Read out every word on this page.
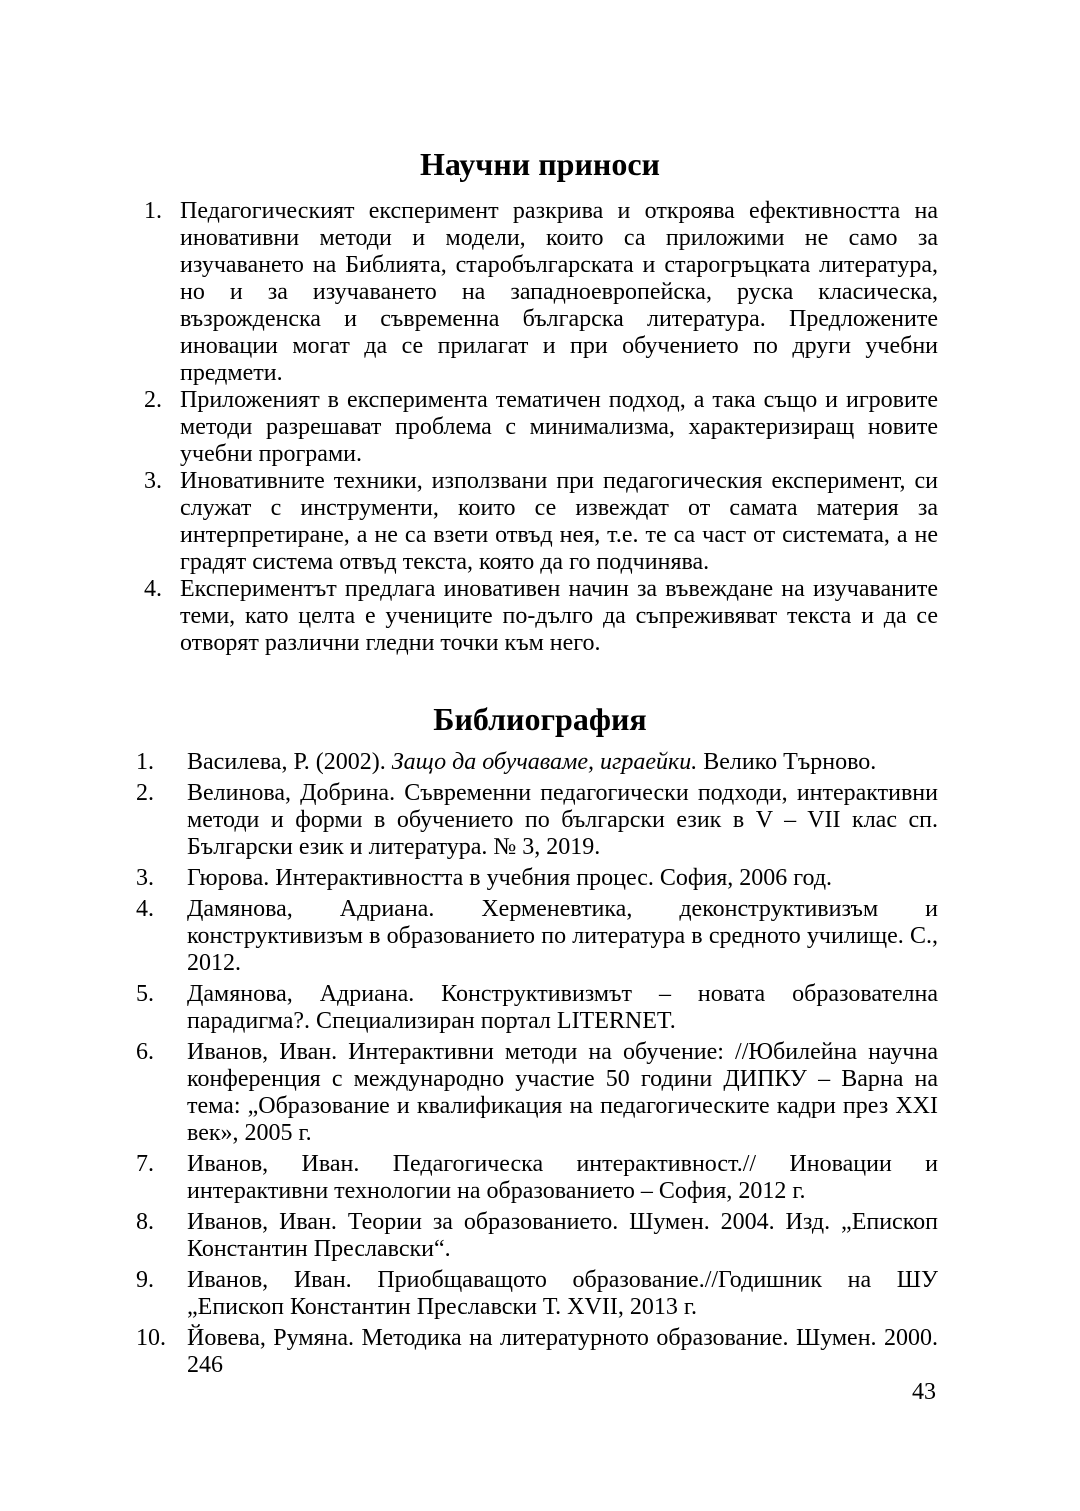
Научни приноси
1. Педагогическият експеримент разкрива и откроява ефективността на иновативни методи и модели, които са приложими не само за изучаването на Библията, старобългарската и старогръцката литература, но и за изучаването на западноевропейска, руска класическа, възрожденска и съвременна българска литература. Предложените иновации могат да се прилагат и при обучението по други учебни предмети.
2. Приложеният в експеримента тематичен подход, а така също и игровите методи разрешават проблема с минимализма, характеризиращ новите учебни програми.
3. Иновативните техники, използвани при педагогическия експеримент, си служат с инструменти, които се извеждат от самата материя за интерпретиране, а не са взети отвъд нея, т.е. те са част от системата, а не градят система отвъд текста, която да го подчинява.
4. Експериментът предлага иновативен начин за въвеждане на изучаваните теми, като целта е учениците по-дълго да съпреживяват текста и да се отворят различни гледни точки към него.
Библиография
1.	Василева, Р. (2002). Защо да обучаваме, играейки. Велико Търново.
2.	Велинова, Добрина. Съвременни педагогически подходи, интерактивни методи и форми в обучението по български език в V – VІІ клас сп. Български език и литература. № 3, 2019.
3.	Гюрова. Интерактивността в учебния процес. София, 2006 год.
4.	Дамянова, Адриана. Херменевтика, деконструктивизъм и конструктивизъм в образованието по литература в средното училище. С., 2012.
5.	Дамянова, Адриана. Конструктивизмът – новата образователна парадигма?. Специализиран портал LITERNET.
6.	Иванов, Иван. Интерактивни методи на обучение: //Юбилейна научна конференция с международно участие 50 години ДИПКУ – Варна на тема: „Образование и квалификация на педагогическите кадри през XXI век», 2005 г.
7.	Иванов, Иван. Педагогическа интерактивност.// Иновации и интерактивни технологии на образованието – София, 2012 г.
8.	Иванов, Иван. Теории за образованието. Шумен. 2004. Изд. „Епископ Константин Преславски“.
9.	Иванов, Иван. Приобщаващото образование.//Годишник на ШУ „Епископ Константин Преславски Т. XVII, 2013 г.
10. Йовева, Румяна. Методика на литературното образование. Шумен. 2000. 246
43
